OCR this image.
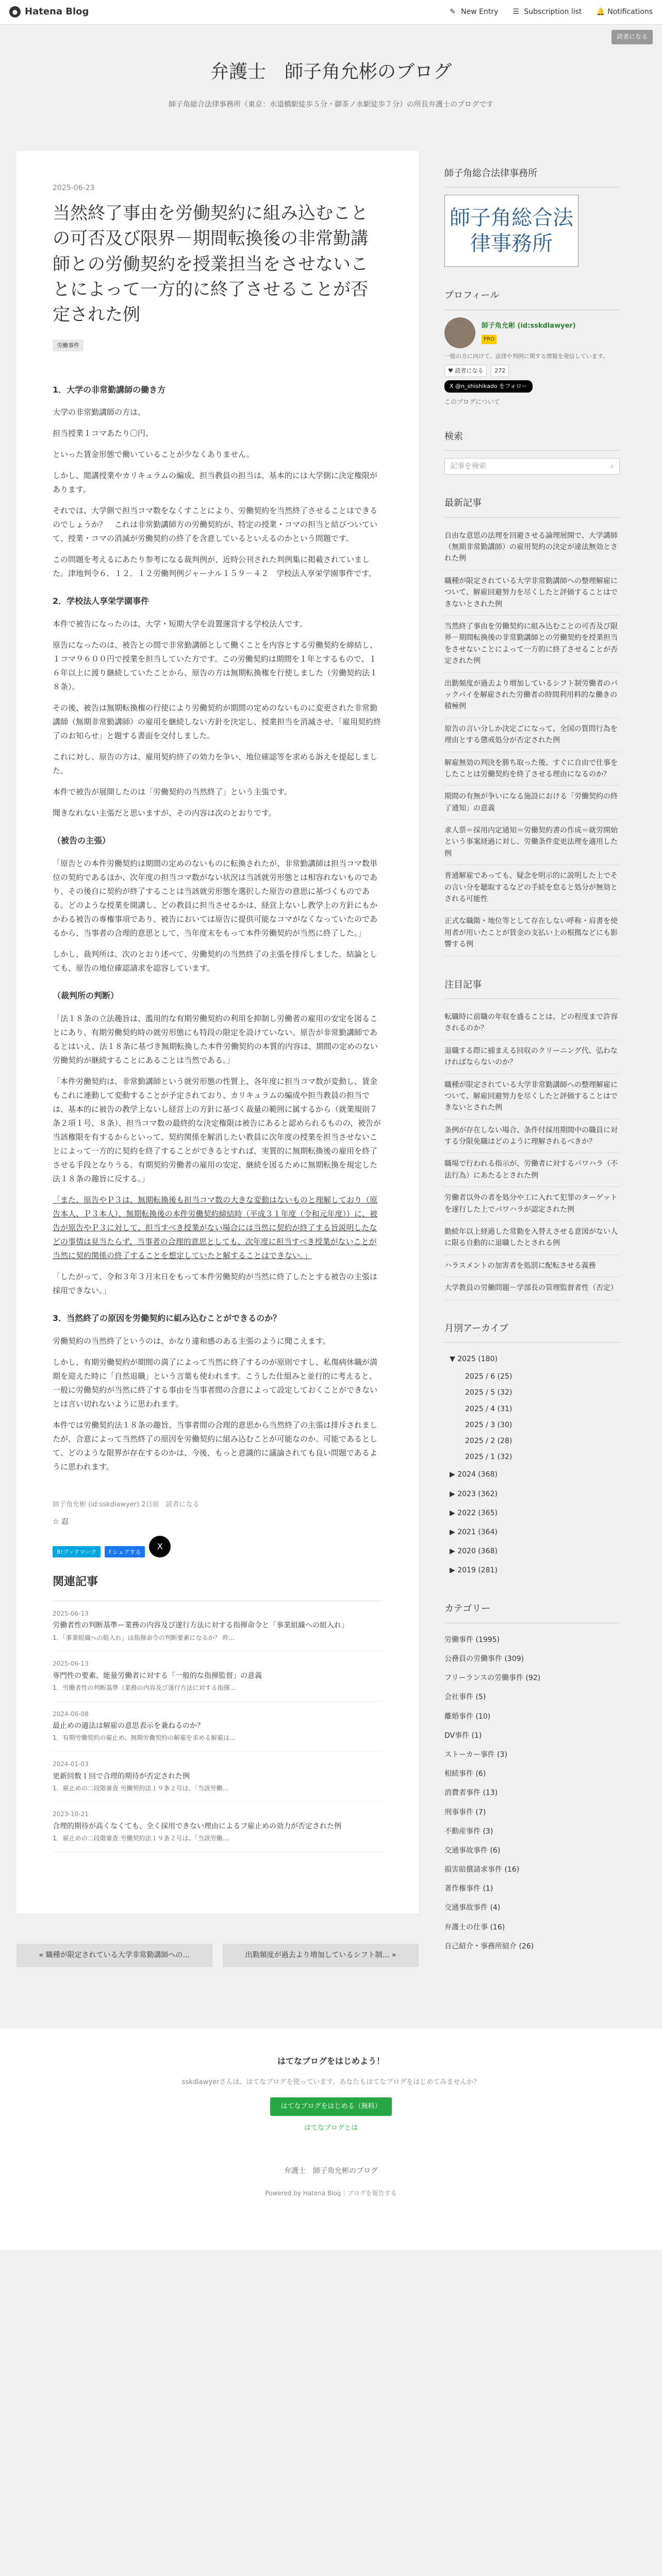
● Hatena Blog	✎ New Entry ☰ Subscription list 🔔 Notifications
読者になる
弁護士　師子角允彬のブログ
師子角総合法律事務所（東京：水道橋駅徒歩５分・御茶ノ水駅徒歩７分）の所長弁護士のブログです
2025-06-23
当然終了事由を労働契約に組み込むことの可否及び限界－期間転換後の非常勤講師との労働契約を授業担当をさせないことによって一方的に終了させることが否定された例
労働事件
1．大学の非常勤講師の働き方

大学の非常勤講師の方は、

担当授業１コマあたり〇円、

といった賃金形態で働いていることが少なくありません。

しかし、閲講授業やカリキュラムの編成、担当教員の担当は、基本的には大学側に決定権限があります。

それでは、大学側で担当コマ数をなくすことにより、労働契約を当然終了させることはできるのでしょうか？　これは非常勤講師方の労働契約が、特定の授業・コマの担当と結びついていて、授業・コマの消滅が労働契約の終了を含意しているといえるのかという問題です。

この問題を考えるにあたり参考になる裁判例が、近時公刊された判例集に掲載されていました。津地判令６．１２．１２労働判例ジャーナル１５９－４２　学校法人享栄学園事件です。

2．学校法人享栄学園事件

本件で被告になったのは、大学・短期大学を設置運営する学校法人です。

原告になったのは、被告との間で非常勤講師として働くことを内容とする労働契約を締結し、１コマ９６００円で授業を担当していた方です。この労働契約は期間を１年とするもので、１６年以上に渡り継続していたことから、原告の方は無期転換権を行使しました（労働契約法１８条）。

その後、被告は無期転換権の行使により労働契約が期間の定めのないものに変更された非常勤講師（無期非常勤講師）の雇用を継続しない方針を決定し、授業担当を消滅させ、「雇用契約終了のお知らせ」と題する書面を交付しました。

これに対し、原告の方は、雇用契約終了の効力を争い、地位確認等を求める訴えを提起しました。

本件で被告が展開したのは「労働契約の当然終了」という主張です。

聞きなれない主張だと思いますが、その内容は次のとおりです。

（被告の主張）

「原告との本件労働契約は期間の定めのないものに転換されたが、非常勤講師は担当コマ数単位の契約であるほか、次年度の担当コマ数がない状況は当該就労形態とは相容れないものであり、その後自に契約が終了することは当該就労形態を選択した原告の意思に基づくものである。どのような授業を開講し、どの教員に担当させるかは、経営上ないし教学上の方針にもかかわる被告の専権事項であり、被告においては原告に提供可能なコマがなくなっていたのであるから、当事者の合理的意思として、当年度末をもって本件労働契約が当然に終了した。」

しかし、裁判所は、次のとおり述べて、労働契約の当然終了の主張を排斥しました。結論としても、原告の地位確認請求を認容しています。

（裁判所の判断）

「法１８条の立法趣旨は、濫用的な有期労働契約の利用を抑制し労働者の雇用の安定を図ることにあり、有期労働契約時の就労形態にも特段の限定を設けていない。原告が非常勤講師であるとはいえ、法１８条に基づき無期転換した本件労働契約の本質的内容は、期間の定めのない労働契約が継続することにあることは当然である。」

「本件労働契約は、非常勤講師という就労形態の性質上、各年度に担当コマ数が変動し、賃金もこれに連動して変動することが予定されており、カリキュラムの編成や担当教員の担当では、基本的に被告の教学上ないし経営上の方針に基づく裁量の範囲に属するから（就業規則７条２項１号、８条）、担当コマ数の最終的な決定権限は被告にあると認められるものの、被告が当該権限を有するからといって、契約関係を解消したい教員に次年度の授業を担当させないことによって一方的に契約を終了することができるとすれば、実質的に無期転換後の雇用を終了させる手段となりうる。有期契約労働者の雇用の安定、継続を図るために無期転換を規定した法１８条の趣旨に反する。」

「また、原告やＰ３は、無期転換後も担当コマ数の大きな変動はないものと理解しており（原告本人、Ｐ３本人）、無期転換後の本件労働契約締結時（平成３１年度（令和元年度））に、被告が原告やＰ３に対して、担当すべき授業がない場合には当然に契約が終了する旨説明したなどの事情は見当たらず、当事者の合理的意思としても、次年度に担当すべき授業がないことが当然に契約関係の終了することを想定していたと解することはできない。」

「したがって、令和３年３月末日をもって本件労働契約が当然に終了したとする被告の主張は採用できない。」

3．当然終了の原因を労働契約に組み込むことができるのか？

労働契約の当然終了というのは、かなり違和感のある主張のように聞こえます。

しかし、有期労働契約が期間の満了によって当然に終了するのが原則ですし、私傷病休職が満期を迎えた時に「自然退職」という言葉も使われます。こうした仕組みと並行的に考えると、一般に労働契約が当然に終了する事由を当事者間の合意によって設定しておくことができないとは言い切れないように思われます。

本件では労働契約法１８条の趣旨、当事者間の合理的意思から当然終了の主張は排斥されましたが、合意によって当然終了の原因を労働契約に組み込むことが可能なのか、可能であるとして、どのような限界が存在するのかは、今後、もっと意識的に議論されても良い問題であるように思われます。

師子角允彬 (id:sskdlawyer) 2日前　読者になる
☆ 忍
B!ブックマーク	f シェアする
X
関連記事
2025-06-13
労働者性の判断基準ー業務の内容及び遂行方法に対する指揮命令と「事業組織への組入れ」
1．「事業組織への組入れ」は指揮命令の判断要素になるか？ 昨…
2025-06-13
専門性の要素、能量労働者に対する「一般的な指揮監督」の意義
1．労働者性の判断基準（業務の内容及び遂行方法に対する指揮…
2024-06-08
最止めの適法は解雇の意思表示を兼ねるのか？
1．有期労働契約の雇止め、無期労働契約の解雇を求める解雇は…
2024-01-03
更新回数１回で合理的期待が否定された例
1．雇止めの二段階審査 労働契約法１９条２号は、「当該労働…
2023-10-21
合理的期待が高くなくても、全く採用できない理由によるフ雇止めの効力が否定された例
1．雇止めの二段階審査 労働契約法１９条２号は、「当該労働…
« 職種が限定されている大学非常勤講師への…	出勤頻度が過去より増加しているシフト制… »
師子角総合法律事務所
師子角総合法律事務所
プロフィール
師子角允彬 (id:sskdlawyer)
PRO
一般の方に向けて、法律や判例に関する情報を発信しています。
♥ 読者になる	272
X @n_shishikado をフォロー
このブログについて
検索
記事を検索	⌕
最新記事
自由な意思の法理を回避させる論理展開で、大学講師（無期非常勤講師）の雇用契約の決定が違法無効とされた例
職種が限定されている大学非常勤講師への整理解雇について、解雇回避努力を尽くしたと評価することはできないとされた例
当然終了事由を労働契約に組み込むことの可否及び限界－期間転換後の非常勤講師との労働契約を授業担当をさせないことによって一方的に終了させることが否定された例
出勤頻度が過去より増加しているシフト制労働者のパックパイを解雇された労働者の時間利用料的な働きの積極例
原告の言い分しか決定ごになって、全国の質問行為を理由とする懲戒処分が否定された例
解雇無効の判決を勝ち取った後、すぐに自由で仕事をしたことは労働契約を終了させる理由になるのか？
期間の有無が争いになる施設における「労働契約の終了通知」の意義
求人票＝採用内定通知＝労働契約書の作成＝就労開始という事案経過に対し、労働条件変更法理を適用した例
普通解雇であっても、疑念を明示的に説明した上でその言い分を聴取するなどの手続を怠ると処分が無効とされる可能性
正式な職階・地位等として存在しない呼称・肩書を使用者が用いたことが賃金の支払い上の根拠などにも影響する例
注目記事
転職時に前職の年収を盛ることは、どの程度まで許容されるのか？
退職する際に捕まえる回収のクリーニング代、弘わなければならないのか？
職種が限定されている大学非常勤講師への整理解雇について、解雇回避努力を尽くしたと評価することはできないとされた例
条例が存在しない場合、条件付採用期間中の職員に対する分限免職はどのように理解されるべきか？
職場で行われる指示が、労働者に対するパワハラ（不法行為）にあたるとされた例
労働者以外の者を処分や工に入れて犯罪のターゲットを遂行した上でパワハラが認定された例
勤続年以上経過した常勤を入替えさせる意図がない人に限る自動的に退職したとされる例
ハラスメントの加害者を処罰に配転させる義務
大学教員の労働問題－学部長の管理監督者性（否定）
月別アーカイブ
▼ 2025 (180)
2025 / 6 (25)
2025 / 5 (32)
2025 / 4 (31)
2025 / 3 (30)
2025 / 2 (28)
2025 / 1 (32)
▶ 2024 (368)
▶ 2023 (362)
▶ 2022 (365)
▶ 2021 (364)
▶ 2020 (368)
▶ 2019 (281)
カテゴリー
労働事件 (1995)
公務員の労働事件 (309)
フリーランスの労働事件 (92)
会社事件 (5)
離婚事件 (10)
DV事件 (1)
ストーカー事件 (3)
相続事件 (6)
消費者事件 (13)
刑事事件 (7)
不動産事件 (3)
交通事故事件 (6)
損害賠償請求事件 (16)
著作権事件 (1)
交通事故事件 (4)
弁護士の仕事 (16)
自己紹介・事務所紹介 (26)
はてなブログをはじめよう！
sskdlawyerさんは、はてなブログを使っています。あなたもはてなブログをはじめてみませんか？
はてなブログをはじめる（無料）
はてなブログとは
弁護士　師子角允彬のブログ
Powered by Hatena Blog｜ブログを報告する
